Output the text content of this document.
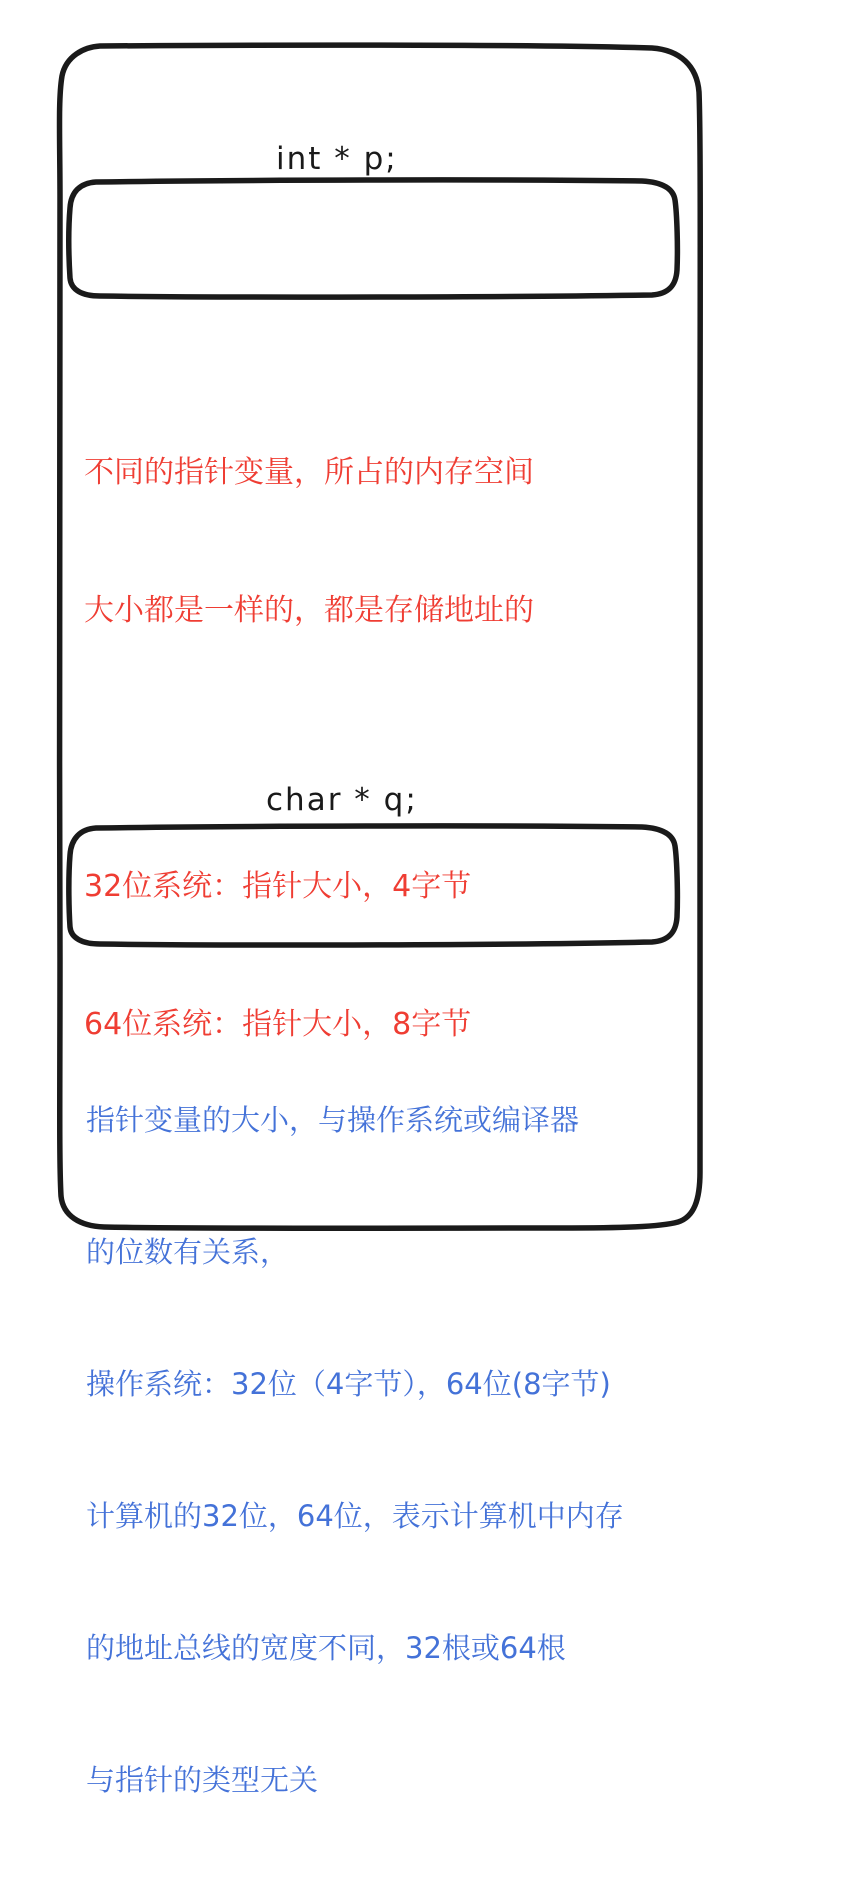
int * p;
char * q;

不同的指针变量，所占的内存空间

大小都是一样的，都是存储地址的

32位系统：指针大小，4字节

64位系统：指针大小，8字节

指针变量的大小，与操作系统或编译器

的位数有关系，

操作系统：32位（4字节），64位(8字节)

计算机的32位，64位，表示计算机中内存

的地址总线的宽度不同，32根或64根

与指针的类型无关
